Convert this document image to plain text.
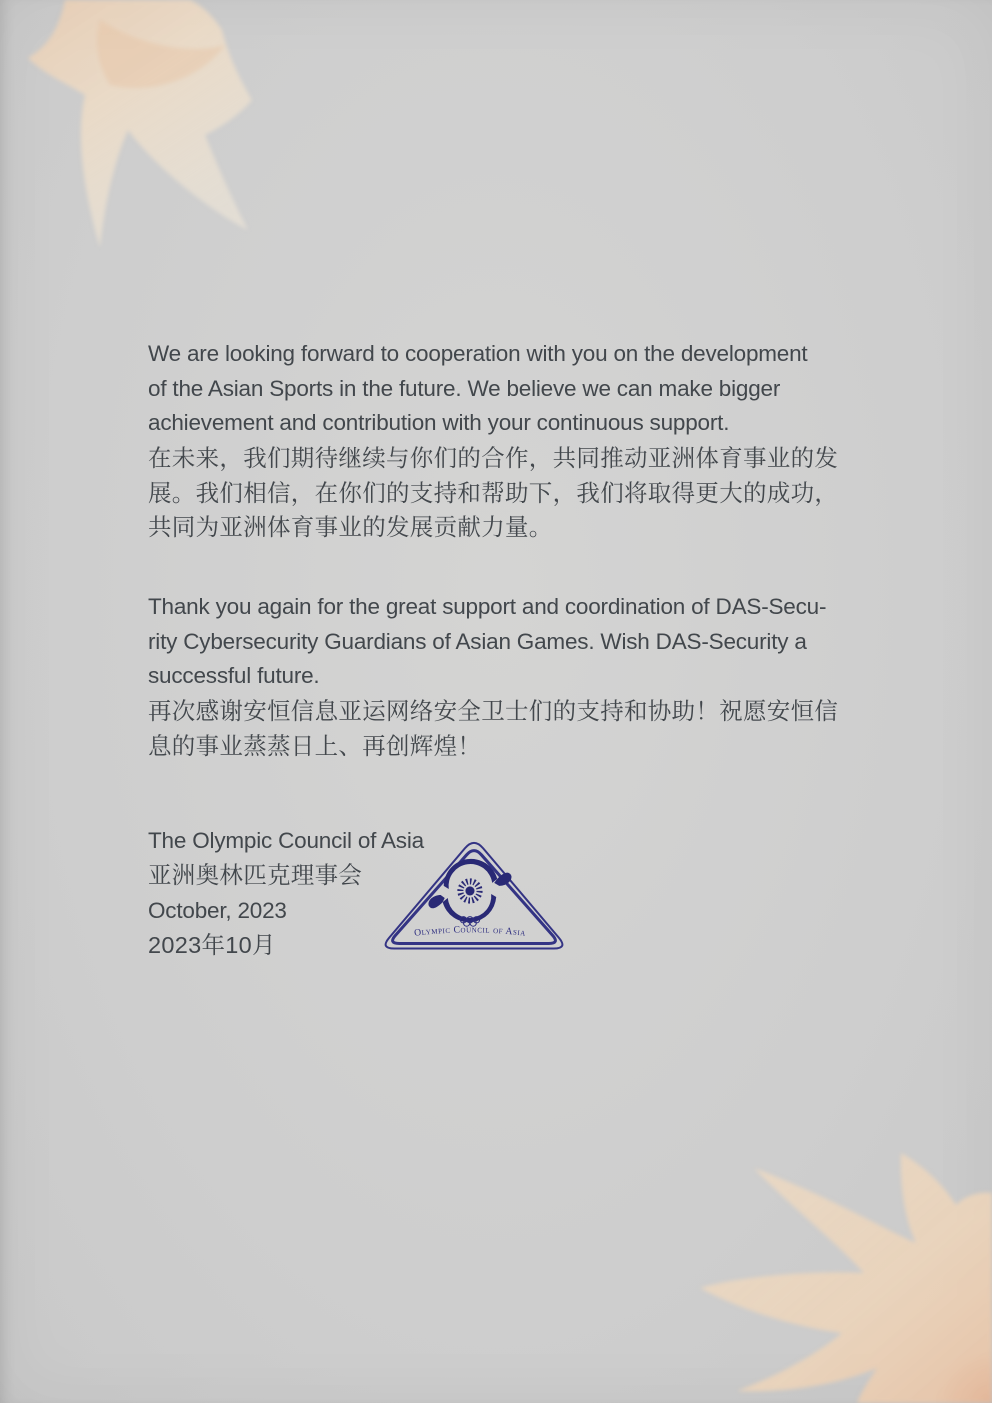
We are looking forward to cooperation with you on the development
of the Asian Sports in the future. We believe we can make bigger
achievement and contribution with your continuous support.
在未来，我们期待继续与你们的合作，共同推动亚洲体育事业的发
展。我们相信，在你们的支持和帮助下，我们将取得更大的成功，
共同为亚洲体育事业的发展贡献力量。
Thank you again for the great support and coordination of DAS-Secu-
rity Cybersecurity Guardians of Asian Games. Wish DAS-Security a
successful future.
再次感谢安恒信息亚运网络安全卫士们的支持和协助！祝愿安恒信
息的事业蒸蒸日上、再创辉煌！
The Olympic Council of Asia
亚洲奥林匹克理事会
October, 2023
2023年10月	Olympic Council of Asia
